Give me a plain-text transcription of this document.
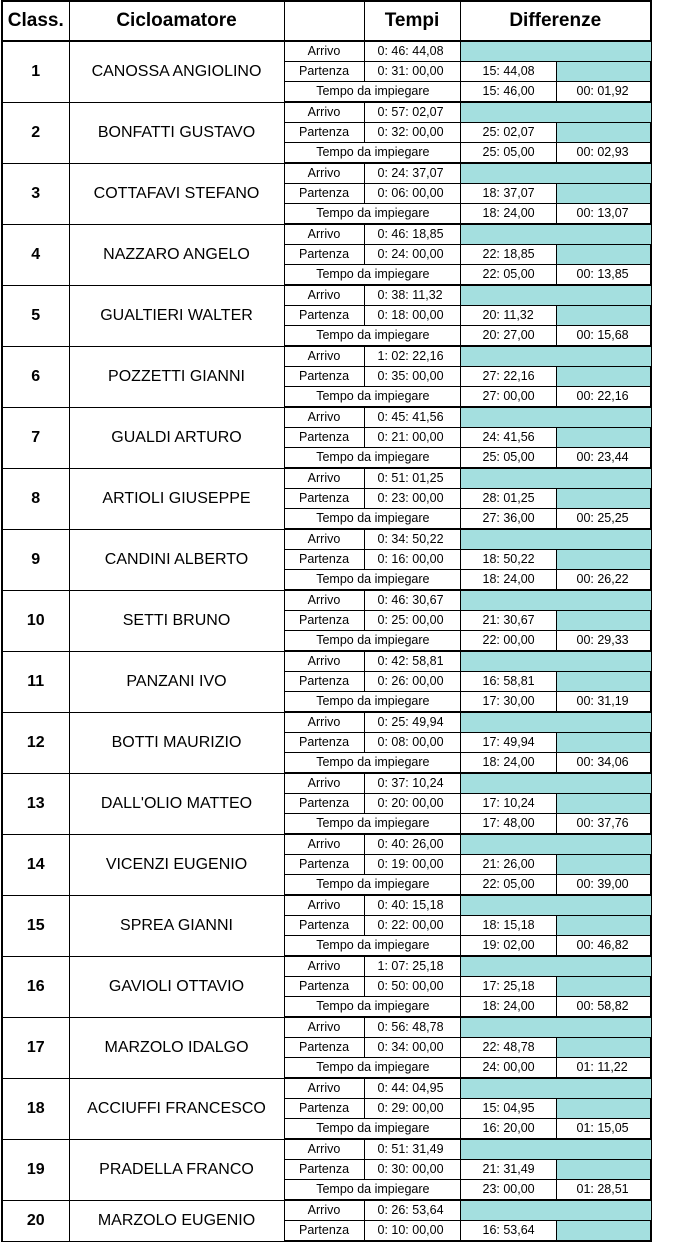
Class.	Cicloamatore		Tempi	Differenze	
1	CANOSSA ANGIOLINO	Arrivo	0: 46: 44,08		
		Partenza	0: 31: 00,00	15: 44,08	
		Tempo da impiegare		15: 46,00	00: 01,92
2	BONFATTI GUSTAVO	Arrivo	0: 57: 02,07		
		Partenza	0: 32: 00,00	25: 02,07	
		Tempo da impiegare		25: 05,00	00: 02,93
3	COTTAFAVI STEFANO	Arrivo	0: 24: 37,07		
		Partenza	0: 06: 00,00	18: 37,07	
		Tempo da impiegare		18: 24,00	00: 13,07
4	NAZZARO ANGELO	Arrivo	0: 46: 18,85		
		Partenza	0: 24: 00,00	22: 18,85	
		Tempo da impiegare		22: 05,00	00: 13,85
5	GUALTIERI WALTER	Arrivo	0: 38: 11,32		
		Partenza	0: 18: 00,00	20: 11,32	
		Tempo da impiegare		20: 27,00	00: 15,68
6	POZZETTI GIANNI	Arrivo	1: 02: 22,16		
		Partenza	0: 35: 00,00	27: 22,16	
		Tempo da impiegare		27: 00,00	00: 22,16
7	GUALDI ARTURO	Arrivo	0: 45: 41,56		
		Partenza	0: 21: 00,00	24: 41,56	
		Tempo da impiegare		25: 05,00	00: 23,44
8	ARTIOLI GIUSEPPE	Arrivo	0: 51: 01,25		
		Partenza	0: 23: 00,00	28: 01,25	
		Tempo da impiegare		27: 36,00	00: 25,25
9	CANDINI ALBERTO	Arrivo	0: 34: 50,22		
		Partenza	0: 16: 00,00	18: 50,22	
		Tempo da impiegare		18: 24,00	00: 26,22
10	SETTI BRUNO	Arrivo	0: 46: 30,67		
		Partenza	0: 25: 00,00	21: 30,67	
		Tempo da impiegare		22: 00,00	00: 29,33
11	PANZANI IVO	Arrivo	0: 42: 58,81		
		Partenza	0: 26: 00,00	16: 58,81	
		Tempo da impiegare		17: 30,00	00: 31,19
12	BOTTI MAURIZIO	Arrivo	0: 25: 49,94		
		Partenza	0: 08: 00,00	17: 49,94	
		Tempo da impiegare		18: 24,00	00: 34,06
13	DALL'OLIO MATTEO	Arrivo	0: 37: 10,24		
		Partenza	0: 20: 00,00	17: 10,24	
		Tempo da impiegare		17: 48,00	00: 37,76
14	VICENZI EUGENIO	Arrivo	0: 40: 26,00		
		Partenza	0: 19: 00,00	21: 26,00	
		Tempo da impiegare		22: 05,00	00: 39,00
15	SPREA GIANNI	Arrivo	0: 40: 15,18		
		Partenza	0: 22: 00,00	18: 15,18	
		Tempo da impiegare		19: 02,00	00: 46,82
16	GAVIOLI OTTAVIO	Arrivo	1: 07: 25,18		
		Partenza	0: 50: 00,00	17: 25,18	
		Tempo da impiegare		18: 24,00	00: 58,82
17	MARZOLO IDALGO	Arrivo	0: 56: 48,78		
		Partenza	0: 34: 00,00	22: 48,78	
		Tempo da impiegare		24: 00,00	01: 11,22
18	ACCIUFFI FRANCESCO	Arrivo	0: 44: 04,95		
		Partenza	0: 29: 00,00	15: 04,95	
		Tempo da impiegare		16: 20,00	01: 15,05
19	PRADELLA FRANCO	Arrivo	0: 51: 31,49		
		Partenza	0: 30: 00,00	21: 31,49	
		Tempo da impiegare		23: 00,00	01: 28,51
20	MARZOLO EUGENIO	Arrivo	0: 26: 53,64		
		Partenza	0: 10: 00,00	16: 53,64	
